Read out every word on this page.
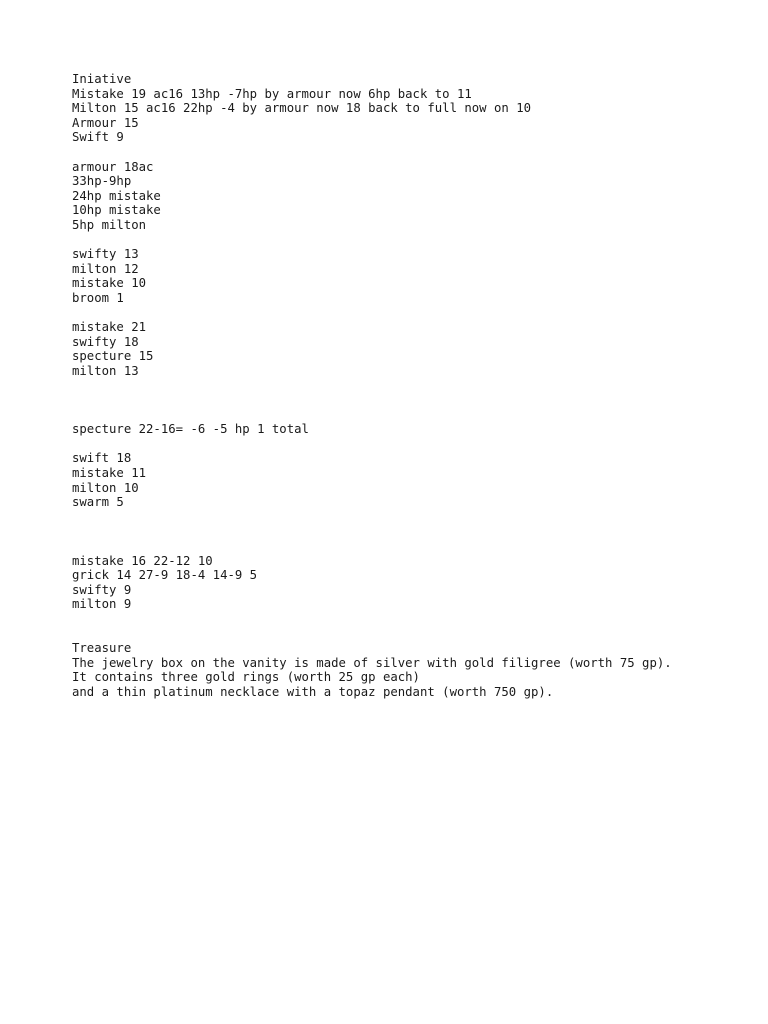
Iniative
Mistake 19 ac16 13hp -7hp by armour now 6hp back to 11
Milton 15 ac16 22hp -4 by armour now 18 back to full now on 10
Armour 15
Swift 9
armour 18ac
33hp-9hp
24hp mistake
10hp mistake
5hp milton
swifty 13
milton 12
mistake 10
broom 1
mistake 21
swifty 18
specture 15
milton 13
specture 22-16= -6 -5 hp 1 total
swift 18
mistake 11
milton 10
swarm 5
mistake 16 22-12 10
grick 14 27-9 18-4 14-9 5
swifty 9
milton 9
Treasure
The jewelry box on the vanity is made of silver with gold filigree (worth 75 gp).
It contains three gold rings (worth 25 gp each)
and a thin platinum necklace with a topaz pendant (worth 750 gp).
